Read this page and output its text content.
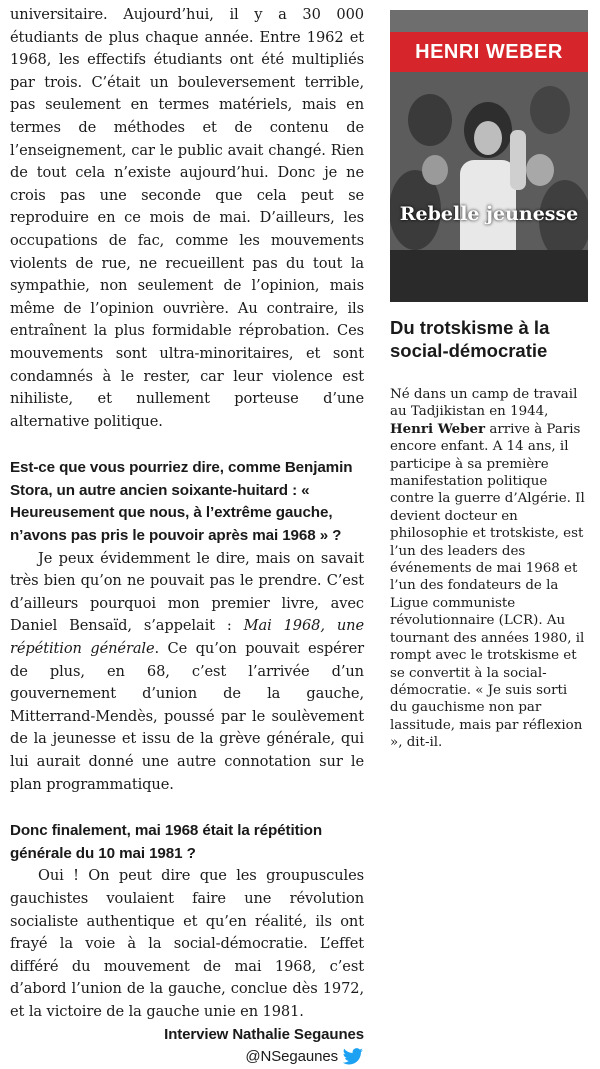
universitaire. Aujourd’hui, il y a 30 000 étudiants de plus chaque année. Entre 1962 et 1968, les effectifs étudiants ont été multipliés par trois. C’était un bouleversement terrible, pas seulement en termes matériels, mais en termes de méthodes et de contenu de l’enseignement, car le public avait changé. Rien de tout cela n’existe aujourd’hui. Donc je ne crois pas une seconde que cela peut se reproduire en ce mois de mai. D’ailleurs, les occupations de fac, comme les mouvements violents de rue, ne recueillent pas du tout la sympathie, non seulement de l’opinion, mais même de l’opinion ouvrière. Au contraire, ils entraînent la plus formidable réprobation. Ces mouvements sont ultra-minoritaires, et sont condamnés à le rester, car leur violence est nihiliste, et nullement porteuse d’une alternative politique.

Est-ce que vous pourriez dire, comme Benjamin Stora, un autre ancien soixante-huitard : « Heureusement que nous, à l’extrême gauche, n’avons pas pris le pouvoir après mai 1968 » ?

Je peux évidemment le dire, mais on savait très bien qu’on ne pouvait pas le prendre. C’est d’ailleurs pourquoi mon premier livre, avec Daniel Bensaïd, s’appelait : Mai 1968, une répétition générale. Ce qu’on pouvait espérer de plus, en 68, c’est l’arrivée d’un gouvernement d’union de la gauche, Mitterrand-Mendès, poussé par le soulèvement de la jeunesse et issu de la grève générale, qui lui aurait donné une autre connotation sur le plan programmatique.

Donc finalement, mai 1968 était la répétition générale du 10 mai 1981 ?

Oui ! On peut dire que les groupuscules gauchistes voulaient faire une révolution socialiste authentique et qu’en réalité, ils ont frayé la voie à la social-démocratie. L’effet différé du mouvement de mai 1968, c’est d’abord l’union de la gauche, conclue dès 1972, et la victoire de la gauche unie en 1981.

Interview Nathalie Segaunes

@NSegaunes

HENRI WEBER
Rebelle jeunesse
Du trotskisme à la social-démocratie

Né dans un camp de travail au Tadjikistan en 1944, Henri Weber arrive à Paris encore enfant. A 14 ans, il participe à sa première manifestation politique contre la guerre d’Algérie. Il devient docteur en philosophie et trotskiste, est l’un des leaders des événements de mai 1968 et l’un des fondateurs de la Ligue communiste révolutionnaire (LCR). Au tournant des années 1980, il rompt avec le trotskisme et se convertit à la social-démocratie. « Je suis sorti du gauchisme non par lassitude, mais par réflexion », dit-il.
